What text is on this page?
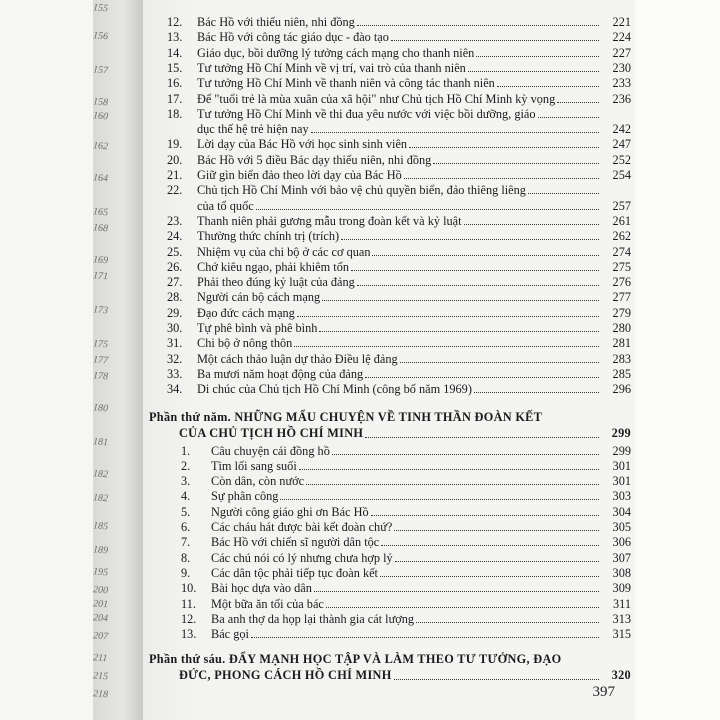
155
156
157
158
160
162
164
165
168
169
171
173
175
177
178
180
181
182
182
185
189
195
200
201
204
207
211
215
218
12.	Bác Hồ với thiếu niên, nhi đồng	221
13.	Bác Hồ với công tác giáo dục - đào tạo	224
14.	Giáo dục, bồi dưỡng lý tưởng cách mạng cho thanh niên	227
15.	Tư tưởng Hồ Chí Minh về vị trí, vai trò của thanh niên	230
16.	Tư tưởng Hồ Chí Minh về thanh niên và công tác thanh niên	233
17.	Để "tuổi trẻ là mùa xuân của xã hội" như Chủ tịch Hồ Chí Minh kỳ vọng	236
18.	Tư tưởng Hồ Chí Minh về thi đua yêu nước với việc bồi dưỡng, giáo
dục thế hệ trẻ hiện nay	242
19.	Lời dạy của Bác Hồ với học sinh sinh viên	247
20.	Bác Hồ với 5 điều Bác dạy thiếu niên, nhi đồng	252
21.	Giữ gìn biển đảo theo lời dạy của Bác Hồ	254
22.	Chủ tịch Hồ Chí Minh với bảo vệ chủ quyền biển, đảo thiêng liêng
của tổ quốc	257
23.	Thanh niên phải gương mẫu trong đoàn kết và kỷ luật	261
24.	Thường thức chính trị (trích)	262
25.	Nhiệm vụ của chi bộ ở các cơ quan	274
26.	Chớ kiêu ngạo, phải khiêm tốn	275
27.	Phải theo đúng kỷ luật của đảng	276
28.	Người cán bộ cách mạng	277
29.	Đạo đức cách mạng	279
30.	Tự phê bình và phê bình	280
31.	Chi bộ ở nông thôn	281
32.	Một cách thảo luận dự thảo Điều lệ đảng	283
33.	Ba mươi năm hoạt động của đảng	285
34.	Di chúc của Chủ tịch Hồ Chí Minh (công bố năm 1969)	296
Phần thứ năm. NHỮNG MẨU CHUYỆN VỀ TINH THẦN ĐOÀN KẾT
CỦA CHỦ TỊCH HỒ CHÍ MINH	299
1.	Câu chuyện cái đồng hồ	299
2.	Tìm lối sang suối	301
3.	Còn dân, còn nước	301
4.	Sự phân công	303
5.	Người công giáo ghi ơn Bác Hồ	304
6.	Các cháu hát được bài kết đoàn chứ?	305
7.	Bác Hồ với chiến sĩ người dân tộc	306
8.	Các chú nói có lý nhưng chưa hợp lý	307
9.	Các dân tộc phải tiếp tục đoàn kết	308
10.	Bài học dựa vào dân	309
11.	Một bữa ăn tối của bác	311
12.	Ba anh thợ da họp lại thành gia cát lượng	313
13.	Bác gọi	315
Phần thứ sáu. ĐẨY MẠNH HỌC TẬP VÀ LÀM THEO TƯ TƯỞNG, ĐẠO
ĐỨC, PHONG CÁCH HỒ CHÍ MINH	320
397
